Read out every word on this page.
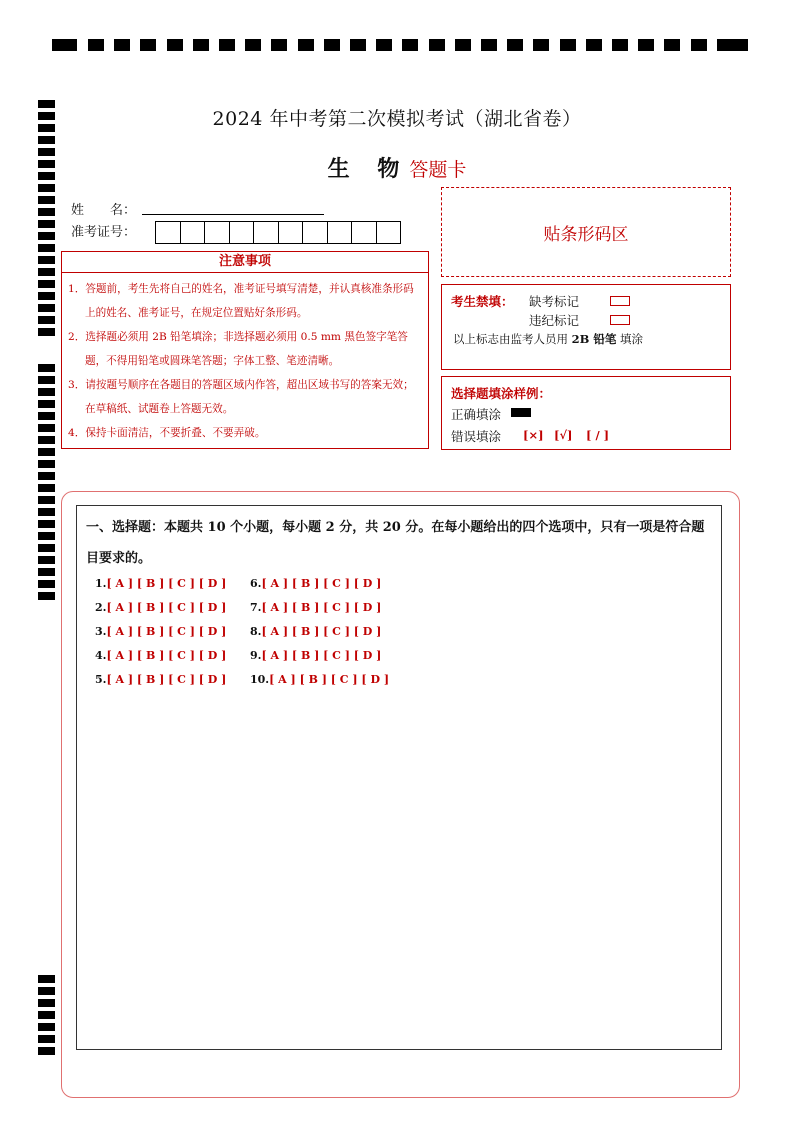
2024 年中考第二次模拟考试（湖北省卷）
生 物答题卡
姓　　名：
准考证号：	贴条形码区
注意事项

1．答题前，考生先将自己的姓名，准考证号填写清楚，并认真核准条形码上的姓名、准考证号，在规定位置贴好条形码。

2．选择题必须用 2B 铅笔填涂；非选择题必须用 0.5 mm 黑色签字笔答题，不得用铅笔或圆珠笔答题；字体工整、笔迹清晰。

3．请按题号顺序在各题目的答题区域内作答，超出区域书写的答案无效；在草稿纸、试题卷上答题无效。

4．保持卡面清洁，不要折叠、不要弄破。

考生禁填： 缺考标记
违纪标记
以上标志由监考人员用 2B 铅笔 填涂
选择题填涂样例：
正确填涂
错误填涂 [×] [√] [ / ]
一、选择题：本题共 10 个小题，每小题 2 分，共 20 分。在每小题给出的四个选项中，只有一项是符合题目要求的。
1.[ A ] [ B ] [ C ] [ D ]
2.[ A ] [ B ] [ C ] [ D ]
3.[ A ] [ B ] [ C ] [ D ]
4.[ A ] [ B ] [ C ] [ D ]
5.[ A ] [ B ] [ C ] [ D ]
6.[ A ] [ B ] [ C ] [ D ]
7.[ A ] [ B ] [ C ] [ D ]
8.[ A ] [ B ] [ C ] [ D ]
9.[ A ] [ B ] [ C ] [ D ]
10.[ A ] [ B ] [ C ] [ D ]
